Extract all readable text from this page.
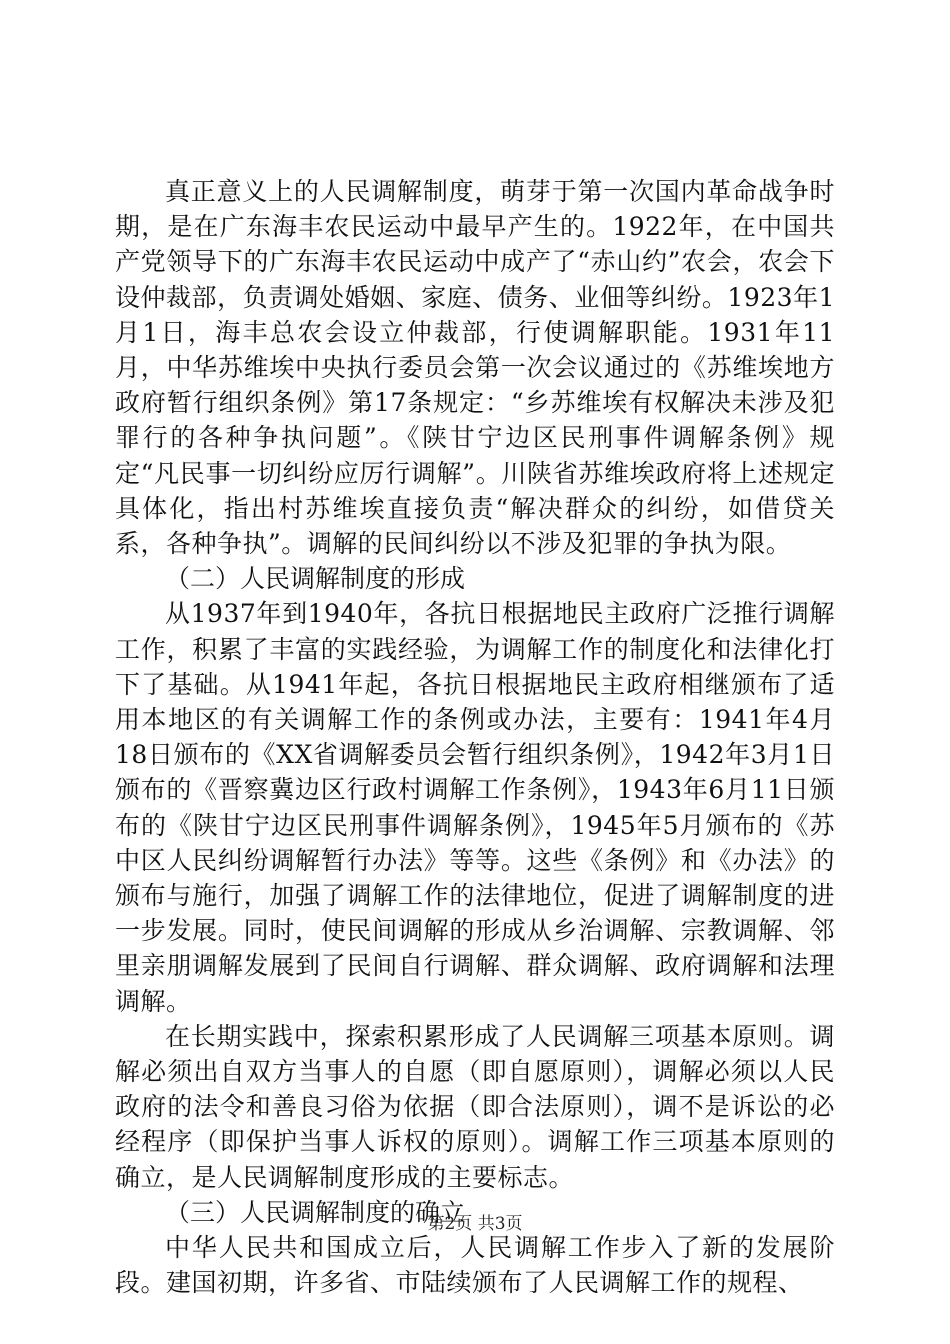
真正意义上的人民调解制度，萌芽于第一次国内革命战争时期，是在广东海丰农民运动中最早产生的。1922年，在中国共产党领导下的广东海丰农民运动中成产了“赤山约”农会，农会下设仲裁部，负责调处婚姻、家庭、债务、业佃等纠纷。1923年1月1日，海丰总农会设立仲裁部，行使调解职能。1931年11月，中华苏维埃中央执行委员会第一次会议通过的《苏维埃地方政府暂行组织条例》第17条规定：“乡苏维埃有权解决未涉及犯罪行的各种争执问题”。《陕甘宁边区民刑事件调解条例》规定“凡民事一切纠纷应厉行调解”。川陕省苏维埃政府将上述规定具体化，指出村苏维埃直接负责“解决群众的纠纷，如借贷关系，各种争执”。调解的民间纠纷以不涉及犯罪的争执为限。

（二）人民调解制度的形成

从1937年到1940年，各抗日根据地民主政府广泛推行调解工作，积累了丰富的实践经验，为调解工作的制度化和法律化打下了基础。从1941年起，各抗日根据地民主政府相继颁布了适用本地区的有关调解工作的条例或办法，主要有：1941年4月18日颁布的《XX省调解委员会暂行组织条例》，1942年3月1日颁布的《晋察冀边区行政村调解工作条例》，1943年6月11日颁布的《陕甘宁边区民刑事件调解条例》，1945年5月颁布的《苏中区人民纠纷调解暂行办法》等等。这些《条例》和《办法》的颁布与施行，加强了调解工作的法律地位，促进了调解制度的进一步发展。同时，使民间调解的形成从乡治调解、宗教调解、邻里亲朋调解发展到了民间自行调解、群众调解、政府调解和法理调解。

在长期实践中，探索积累形成了人民调解三项基本原则。调解必须出自双方当事人的自愿（即自愿原则），调解必须以人民政府的法令和善良习俗为依据（即合法原则），调不是诉讼的必经程序（即保护当事人诉权的原则）。调解工作三项基本原则的确立，是人民调解制度形成的主要标志。

（三）人民调解制度的确立

中华人民共和国成立后，人民调解工作步入了新的发展阶段。建国初期，许多省、市陆续颁布了人民调解工作的规程、

第2页 共3页
